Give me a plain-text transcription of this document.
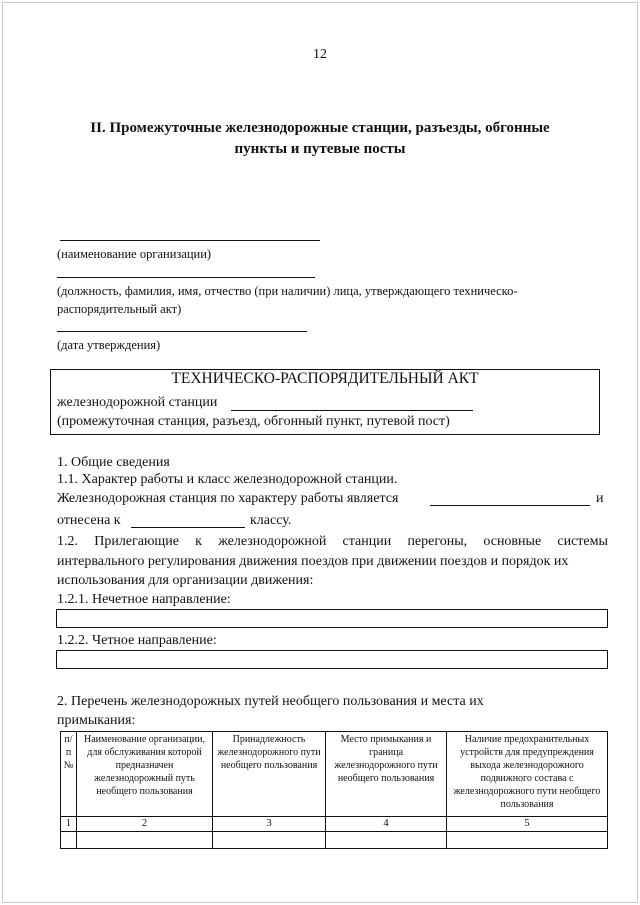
12
II. Промежуточные железнодорожные станции, разъезды, обгонные
пункты и путевые посты
(наименование организации)
(должность, фамилия, имя, отчество (при наличии) лица, утверждающего техническо-
распорядительный акт)
(дата утверждения)
ТЕХНИЧЕСКО-РАСПОРЯДИТЕЛЬНЫЙ АКТ
железнодорожной станции
(промежуточная станция, разъезд, обгонный пункт, путевой пост)
1. Общие сведения
1.1. Характер работы и класс железнодорожной станции.
Железнодорожная станция по характеру работы является	и
отнесена к	классу.
1.2. Прилегающие к железнодорожной станции перегоны, основные системы
интервального регулирования движения поездов при движении поездов и порядок их
использования для организации движения:
1.2.1. Нечетное направление:
1.2.2. Четное направление:
2. Перечень железнодорожных путей необщего пользования и места их
примыкания:
п/п №	Наименование организации, для обслуживания которой предназначен железнодорожный путь необщего пользования	Принадлежность железнодорожного пути необщего пользования	Место примыкания и граница железнодорожного пути необщего пользования	Наличие предохранительных устройств для предупреждения выхода железнодорожного подвижного состава с железнодорожного пути необщего пользования
1	2	3	4	5
